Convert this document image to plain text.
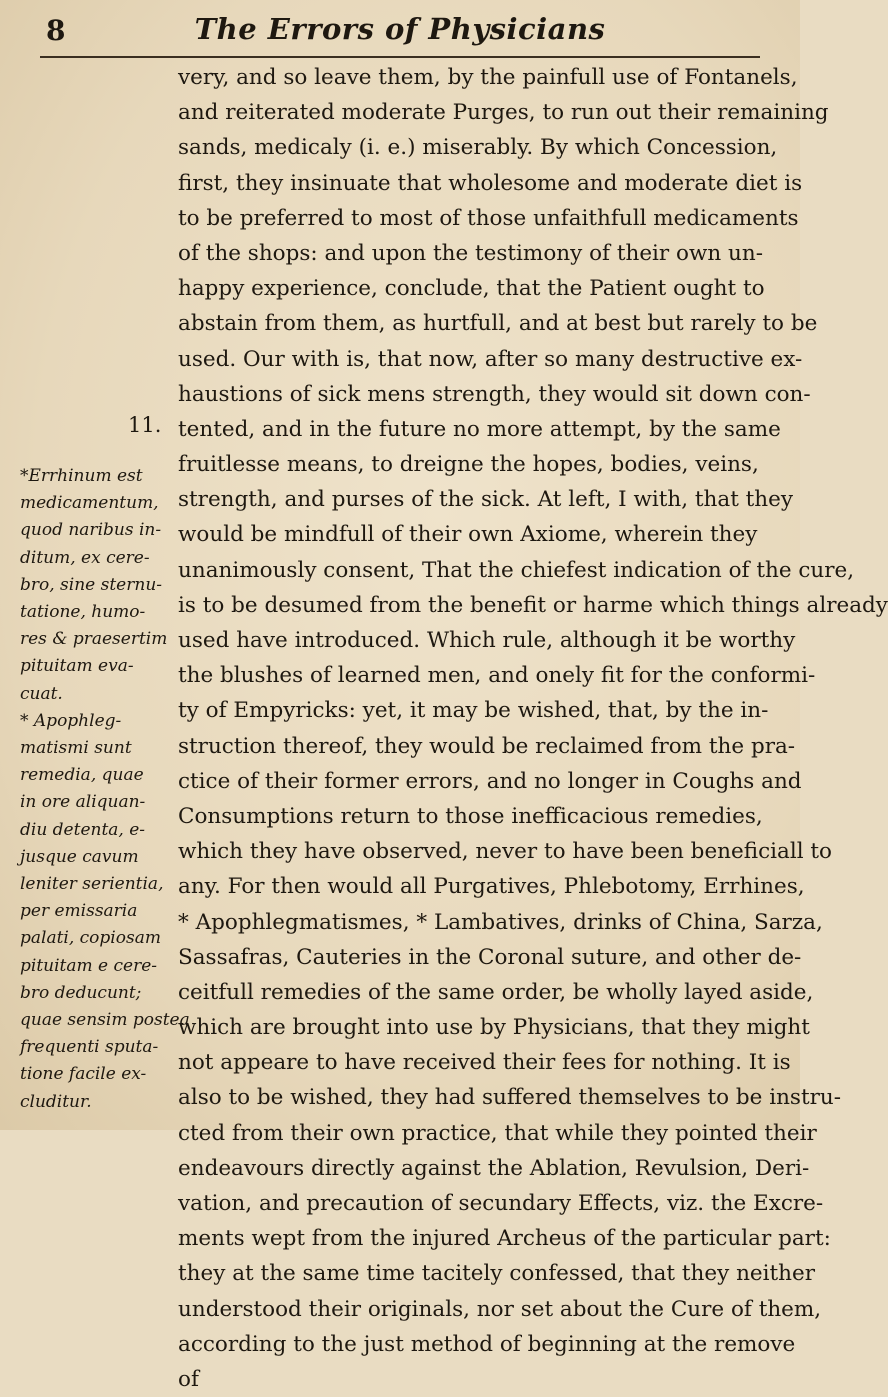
8	The Errors of Physicians
11.
very, and so leave them, by the painfull use of Fontanels,
and reiterated moderate Purges, to run out their remaining
sands, medicaly (i. e.) miserably. By which Concession,
first, they insinuate that wholesome and moderate diet is
to be preferred to most of those unfaithfull medicaments
of the shops: and upon the testimony of their own un-
happy experience, conclude, that the Patient ought to
abstain from them, as hurtfull, and at best but rarely to be
used. Our with is, that now, after so many destructive ex-
haustions of sick mens strength, they would sit down con-
tented, and in the future no more attempt, by the same
fruitlesse means, to dreigne the hopes, bodies, veins,
strength, and purses of the sick. At left, I with, that they
would be mindfull of their own Axiome, wherein they
unanimously consent, That the chiefest indication of the cure,
is to be desumed from the benefit or harme which things already
used have introduced. Which rule, although it be worthy
the blushes of learned men, and onely fit for the conformi-
ty of Empyricks: yet, it may be wished, that, by the in-
struction thereof, they would be reclaimed from the pra-
ctice of their former errors, and no longer in Coughs and
Consumptions return to those inefficacious remedies,
which they have observed, never to have been beneficiall to
any. For then would all Purgatives, Phlebotomy, Errhines,
* Apophlegmatismes, * Lambatives, drinks of China, Sarza,
Sassafras, Cauteries in the Coronal suture, and other de-
ceitfull remedies of the same order, be wholly layed aside,
which are brought into use by Physicians, that they might
not appeare to have received their fees for nothing. It is
also to be wished, they had suffered themselves to be instru-
cted from their own practice, that while they pointed their
endeavours directly against the Ablation, Revulsion, Deri-
vation, and precaution of secundary Effects, viz. the Excre-
ments wept from the injured Archeus of the particular part:
they at the same time tacitely confessed, that they neither
understood their originals, nor set about the Cure of them,
according to the just method of beginning at the remove
of
*Errhinum est
medicamentum,
quod naribus in-
ditum, ex cere-
bro, sine sternu-
tatione, humo-
res & praesertim
pituitam eva-
cuat.
* Apophleg-
matismi sunt
remedia, quae
in ore aliquan-
diu detenta, e-
jusque cavum
leniter serientia,
per emissaria
palati, copiosam
pituitam e cere-
bro deducunt;
quae sensim postea
frequenti sputa-
tione facile ex-
cluditur.
